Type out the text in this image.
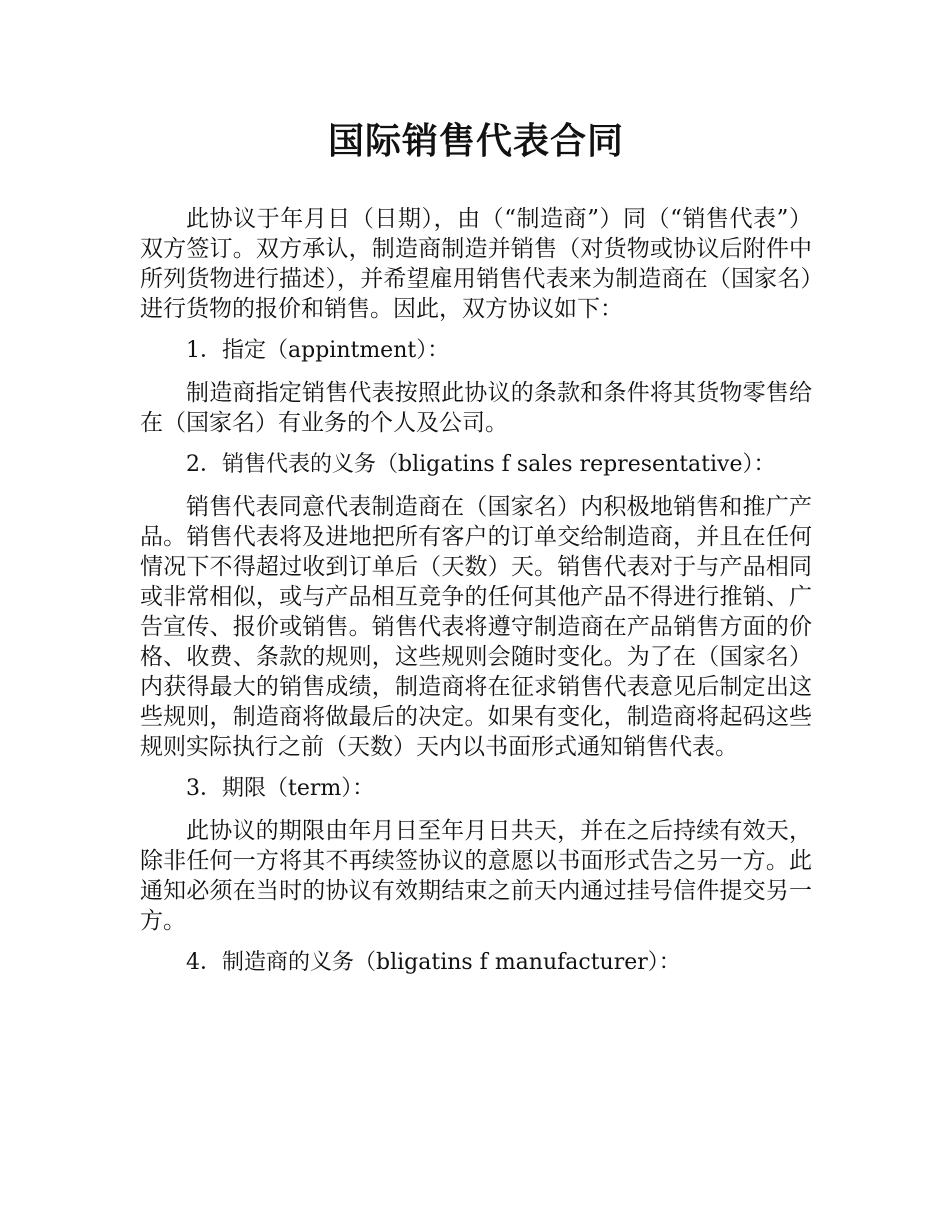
国际销售代表合同

此协议于年月日（日期），由（“制造商”）同（“销售代表”）双方签订。双方承认，制造商制造并销售（对货物或协议后附件中所列货物进行描述），并希望雇用销售代表来为制造商在（国家名）进行货物的报价和销售。因此，双方协议如下：

1．指定（appintment）：

制造商指定销售代表按照此协议的条款和条件将其货物零售给在（国家名）有业务的个人及公司。

2．销售代表的义务（bligatins f sales representative）：

销售代表同意代表制造商在（国家名）内积极地销售和推广产品。销售代表将及进地把所有客户的订单交给制造商，并且在任何情况下不得超过收到订单后（天数）天。销售代表对于与产品相同或非常相似，或与产品相互竞争的任何其他产品不得进行推销、广告宣传、报价或销售。销售代表将遵守制造商在产品销售方面的价格、收费、条款的规则，这些规则会随时变化。为了在（国家名）内获得最大的销售成绩，制造商将在征求销售代表意见后制定出这些规则，制造商将做最后的决定。如果有变化，制造商将起码这些规则实际执行之前（天数）天内以书面形式通知销售代表。

3．期限（term）：

此协议的期限由年月日至年月日共天，并在之后持续有效天，除非任何一方将其不再续签协议的意愿以书面形式告之另一方。此通知必须在当时的协议有效期结束之前天内通过挂号信件提交另一方。

4．制造商的义务（bligatins f manufacturer）：
